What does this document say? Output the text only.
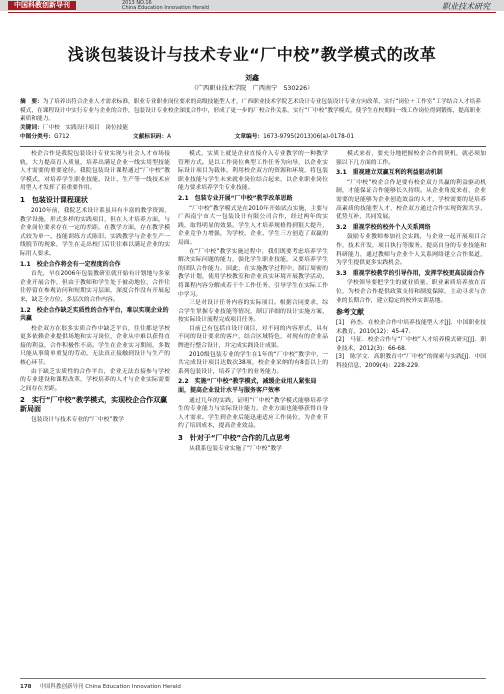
中国科教创新导刊	2013 NO.16
China Education Innovation Herald	职业技术研究
浅谈包装设计与技术专业“厂中校”教学模式的改革
刘鑫
（广西职业技术学院　广西南宁　530226）
摘　要：为了培养出符合企业人才需求标准，职业专业职业岗位要求的高级技能型人才，广西职业技术学院艺术设计专业包装设计专业方向改革，实行“岗位＋工作室”工学结合人才培养模式，在课程设计中实行专业与企业的合作，包装设计专业校企深度合作中，形成了更一步的厂校合作关系。实行“厂中校”教学模式，使学生在校期间一线工作岗位得到锻炼，提高职业素质和能力。
关键词：厂中校　实践设计项目　岗位技能
中图分类号：G712	文献标识码：A	文章编号：1673-9795(2013)06(a)-0178-01

校企合作是我院包装设计专业实现与社会人才市场接轨，大力提高育人质量，培养出满足企业一线实用型技能人才需要的重要途径。我院包装设计课程通过“厂中校”教学模式，对培养学生职业技能、设计、生产等一线技术应用型人才发挥了着重要作用。

1　包装设计课程现状

2010年前，我院艺术设计系虽具有丰富的教学资源，教学设施，形式多样的实践项目，但在人才培养方面，与企业岗位要求存在一定的差距。在教学方面，存在教学模式较为单一、技能训练方式陈旧、实践教学与企业生产一线脱节的现象，学生在走出校门后往往难以满足企业的实际用人要求。

1.1　校企合作将会有一定程度的合作

首先，早在2006年包装教研室就开始有计划地与多家企业开展合作，但由于教师和学生处于被动地位，合作往往停留在参观访问和短期实习层面，深度合作没有开展起来，缺乏全方位、多层次的合作内容。

1.2　校企合作缺乏实质性的合作平台，难以实现企业的共赢

校企双方在很多实质合作中缺乏平台，往往都是学校更多依赖企业提供场地和实习岗位，企业从中难以获得直接的利益，合作积极性不高。学生在企业实习期间，多数只能从事简单重复的劳动，无法真正接触到设计与生产的核心环节。

由于缺乏实质性的合作平台，企业无法直接参与学校的专业建设和课程改革，学校培养的人才与企业实际需要之间存在差距。

2　实行“厂中校”教学模式，实现校企合作双赢新局面

包装设计与技术专业的“厂中校”教学

模式，实质上就是企业直接介入专业教学的一种教学管理方式。是以工作岗位典型工作任务为向导，以企业实际设计项目为载体，利用校企双方的资源和环境，将包装职业技能与学生未来就业岗位结合起来，以企业职业岗位能力要求培养学生专业技能。

2.1　包装专业开展“厂中校”教学改革思路

“厂中校”教学模式是在2010年开始试点实施，主要与广西南宁市大一包装设计有限公司合作，经过两年的实践，取得明显的效果。学生人才培养规格得到很大提升，企业竞争力增强，为学校、企业、学生三方创造了双赢的局面。

在“厂中校”教学实施过程中，我们既要考虑培养学生解决实际问题的能力，强化学生职业技能，又要培养学生的团队合作能力。因此，在实施教学过程中，制订周密的教学计划，使用学校教室和企业真实环境开展教学活动，将课程内容分解成若干个工作任务，引导学生在实际工作中学习。

三是对设计任务内容的实际项目。根据合同要求，综合学生掌握专业技能等情况，制订详细的设计实施方案，按实际设计流程完成项目任务。

目前已有包括自设计项目，对不同的内容形式，具有不同的设计要求的客户，结合区域特色，对现有的企业品牌进行整合设计，并完成实践设计成果。

2010级包装专业的学生在1年的“厂中校”教学中，一共完成设计项目达数次38项，校企业采纳的有8套以上的系列包装设计，培养了学生的业务能力。

2.2　实施“厂中校”教学模式，减缓企业用人紧张局面，提高企业设计水平与服务客户效率

通过几年的实践，证明“厂中校”教学模式能够培养学生的专业能力与实际设计能力，企业方面也能够获得自身人才需求。学生到企业后能迅速适应工作岗位，为企业节约了培训成本，提高企业效益。

3　针对于“厂中校”合作的几点思考

从我系包装专业实施了“厂中校”教学

模式来看，要充分地把握校企合作的契机，就必须加强以下几方面的工作。

3.1　重视建立双赢互利的利益驱动机制

“厂中校”校企合作是要有校企双方共赢的利益驱动机制，才能保证合作能够长久持续。从企业角度来看，企业需要的是能够为企业创造效益的人才，学校需要的是培养高素质的技能型人才，校企双方通过合作实现资源共享、优势互补，共同发展。

3.2　重视学校的校外个人关系网络

鼓励专业教师参加社会实践，与企业一起开展项目合作，技术开发，项目执行等服务。提高自身的专业技能和科研能力，通过教师与企业个人关系网络建立合作渠道，为学生提供更多实践机会。

3.3　重视学校教学的引导作用，发挥学校更高层面合作

学校领导要把学生的就业质量、职业素质培养放在首位，为校企合作提供政策支持和制度保障，主动寻求与企业的长期合作，建立稳定的校外实训基地。

参考文献

[1]　孙杰．在校企合作中培养技能型人才[J]．中国职业技术教育，2010(12)：45-47．

[2]　马征．校企合作与“厂中校”人才培养模式研究[J]．职业技术，2012(3)：66-68．

[3]　陈学文．高职教育中“厂中校”的探索与实践[J]．中国科技信息，2009(4)：228-229．

178 中国科教创新导刊 China Education Innovation Herald
